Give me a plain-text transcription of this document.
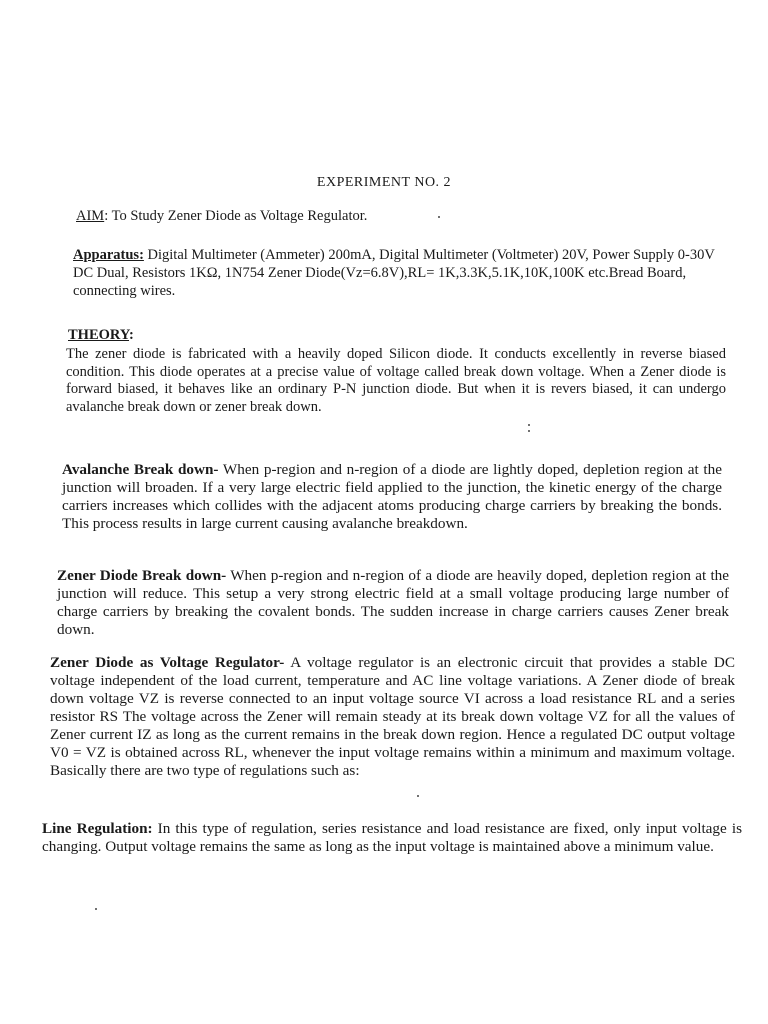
EXPERIMENT NO. 2
AIM: To Study Zener Diode as Voltage Regulator.
Apparatus: Digital Multimeter (Ammeter) 200mA, Digital Multimeter (Voltmeter) 20V, Power Supply 0-30V DC Dual, Resistors 1KΩ, 1N754 Zener Diode(Vz=6.8V),RL= 1K,3.3K,5.1K,10K,100K etc.Bread Board, connecting wires.
THEORY:
The zener diode is fabricated with a heavily doped Silicon diode. It conducts excellently in reverse biased condition. This diode operates at a precise value of voltage called break down voltage. When a Zener diode is forward biased, it behaves like an ordinary P-N junction diode. But when it is revers biased, it can undergo avalanche break down or zener break down.
Avalanche Break down- When p-region and n-region of a diode are lightly doped, depletion region at the junction will broaden. If a very large electric field applied to the junction, the kinetic energy of the charge carriers increases which collides with the adjacent atoms producing charge carriers by breaking the bonds. This process results in large current causing avalanche breakdown.
Zener Diode Break down- When p-region and n-region of a diode are heavily doped, depletion region at the junction will reduce. This setup a very strong electric field at a small voltage producing large number of charge carriers by breaking the covalent bonds. The sudden increase in charge carriers causes Zener break down.
Zener Diode as Voltage Regulator- A voltage regulator is an electronic circuit that provides a stable DC voltage independent of the load current, temperature and AC line voltage variations. A Zener diode of break down voltage VZ is reverse connected to an input voltage source VI across a load resistance RL and a series resistor RS The voltage across the Zener will remain steady at its break down voltage VZ for all the values of Zener current IZ as long as the current remains in the break down region. Hence a regulated DC output voltage V0 = VZ is obtained across RL, whenever the input voltage remains within a minimum and maximum voltage. Basically there are two type of regulations such as:
Line Regulation: In this type of regulation, series resistance and load resistance are fixed, only input voltage is changing. Output voltage remains the same as long as the input voltage is maintained above a minimum value.
